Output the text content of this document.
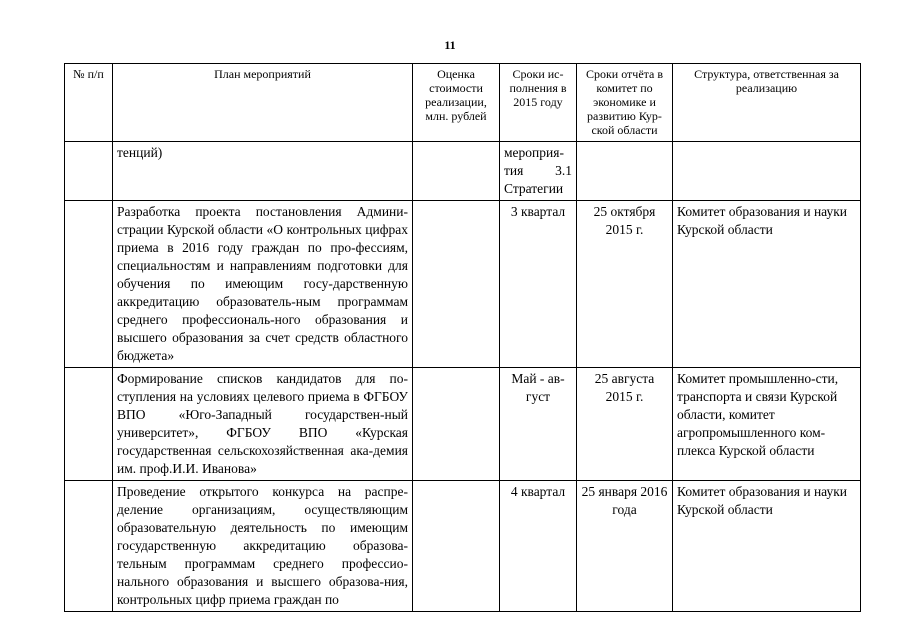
11
№ п/п	План мероприятий	Оценка стоимости реализации, млн. рублей	Сроки ис-полнения в 2015 году	Сроки отчёта в комитет по экономике и развитию Кур-ской области	Структура, ответственная за реализацию
	тенций)		мероприя-тия 3.1 Стратегии		
	Разработка проекта постановления Админи-страции Курской области «О контрольных цифрах приема в 2016 году граждан по про-фессиям, специальностям и направлениям подготовки для обучения по имеющим госу-дарственную аккредитацию образователь-ным программам среднего профессиональ-ного образования и высшего образования за счет средств областного бюджета»		3 квартал	25 октября 2015 г.	Комитет образования и науки Курской области
	Формирование списков кандидатов для по-ступления на условиях целевого приема в ФГБОУ ВПО «Юго-Западный государствен-ный университет», ФГБОУ ВПО «Курская государственная сельскохозяйственная ака-демия им. проф.И.И. Иванова»		Май - ав-густ	25 августа 2015 г.	Комитет промышленно-сти, транспорта и связи Курской области, комитет агропромышленного ком-плекса Курской области
	Проведение открытого конкурса на распре-деление организациям, осуществляющим образовательную деятельность по имеющим государственную аккредитацию образова-тельным программам среднего профессио-нального образования и высшего образова-ния, контрольных цифр приема граждан по		4 квартал	25 января 2016 года	Комитет образования и науки Курской области
